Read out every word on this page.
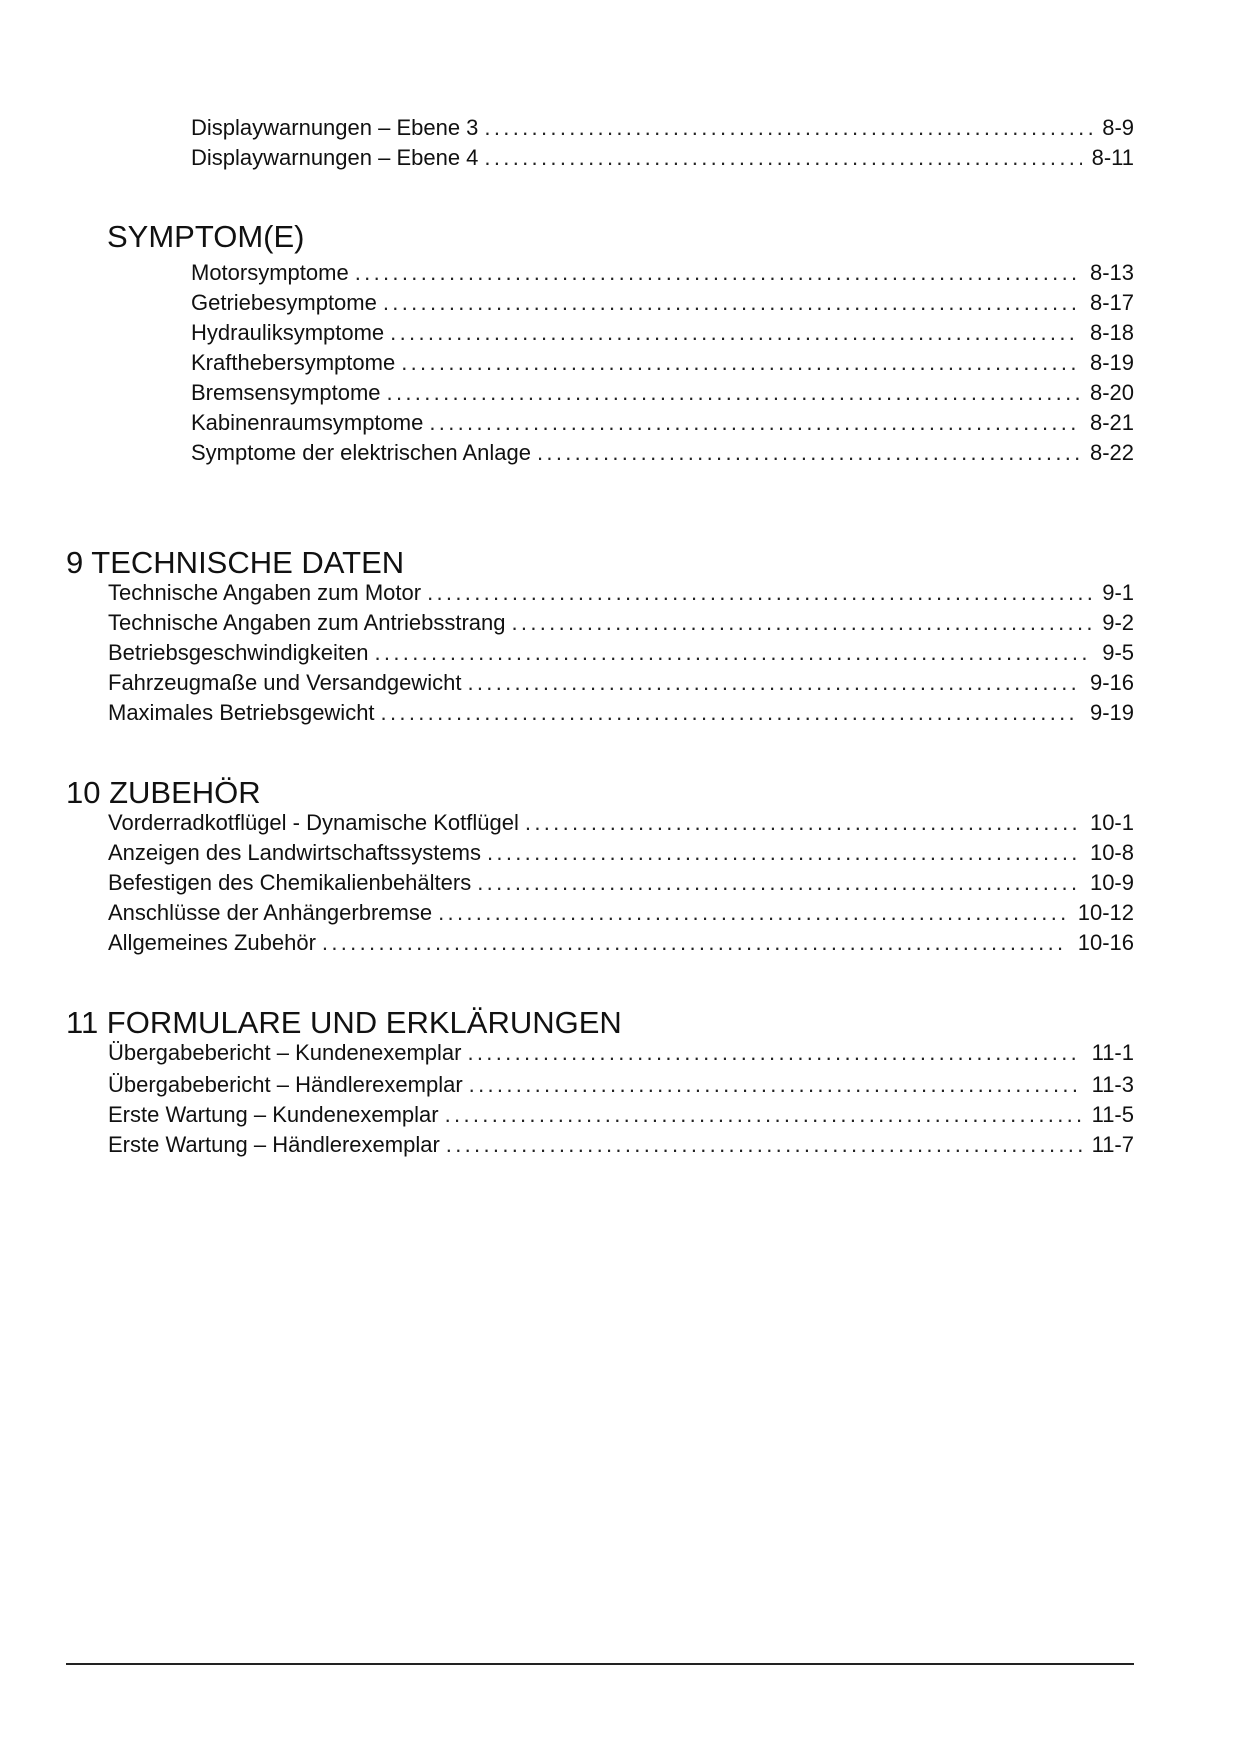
Displaywarnungen – Ebene 3 . . .	8-9
Displaywarnungen – Ebene 4 . . .	8-11
SYMPTOM(E)
Motorsymptome . . .	8-13
Getriebesymptome . . .	8-17
Hydrauliksymptome . . .	8-18
Krafthebersymptome . . .	8-19
Bremsensymptome . . .	8-20
Kabinenraumsymptome . . .	8-21
Symptome der elektrischen Anlage . . .	8-22
9 TECHNISCHE DATEN
Technische Angaben zum Motor . . .	9-1
Technische Angaben zum Antriebsstrang . . .	9-2
Betriebsgeschwindigkeiten . . .	9-5
Fahrzeugmaße und Versandgewicht . . .	9-16
Maximales Betriebsgewicht . . .	9-19
10 ZUBEHÖR
Vorderradkotflügel - Dynamische Kotflügel . . .	10-1
Anzeigen des Landwirtschaftssystems . . .	10-8
Befestigen des Chemikalienbehälters . . .	10-9
Anschlüsse der Anhängerbremse . . .	10-12
Allgemeines Zubehör . . .	10-16
11 FORMULARE UND ERKLÄRUNGEN
Übergabebericht – Kundenexemplar . . .	11-1
Übergabebericht – Händlerexemplar . . .	11-3
Erste Wartung – Kundenexemplar . . .	11-5
Erste Wartung – Händlerexemplar . . .	11-7
